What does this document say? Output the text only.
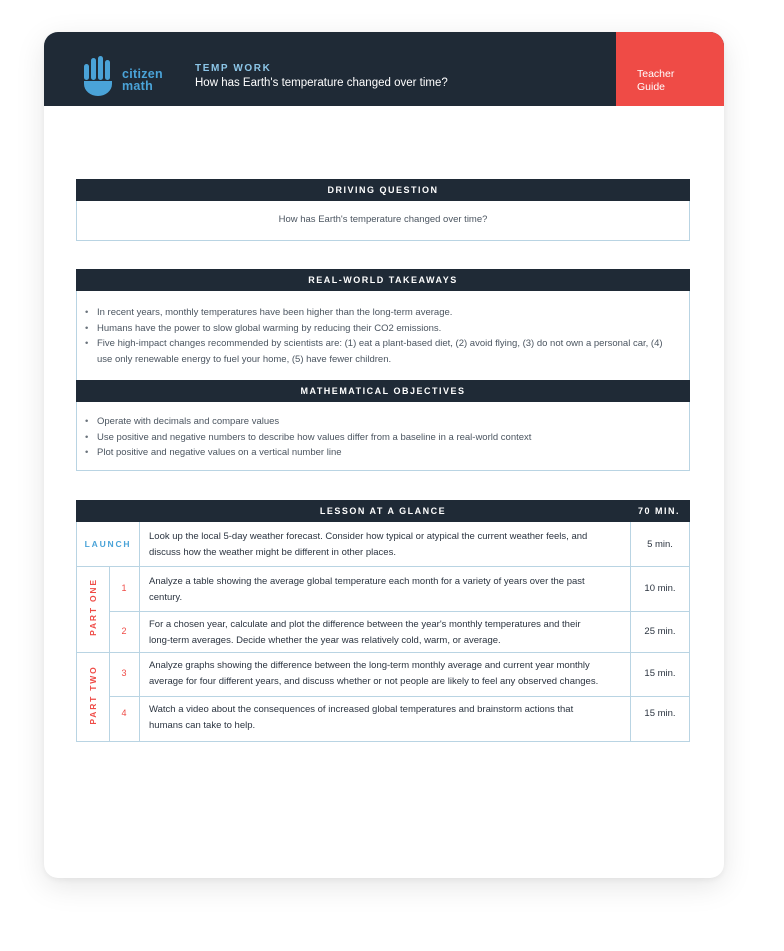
citizen
math
TEMP WORK
How has Earth's temperature changed over time?
Teacher
Guide
DRIVING QUESTION
How has Earth's temperature changed over time?
REAL-WORLD TAKEAWAYS
• In recent years, monthly temperatures have been higher than the long-term average.
• Humans have the power to slow global warming by reducing their CO2 emissions.
• Five high-impact changes recommended by scientists are: (1) eat a plant-based diet, (2) avoid flying, (3) do not own a personal car, (4) use only renewable energy to fuel your home, (5) have fewer children.
MATHEMATICAL OBJECTIVES
• Operate with decimals and compare values
• Use positive and negative numbers to describe how values differ from a baseline in a real-world context
• Plot positive and negative values on a vertical number line
LESSON AT A GLANCE	70 MIN.
LAUNCH
Look up the local 5-day weather forecast. Consider how typical or atypical the current weather feels, and discuss how the weather might be different in other places.
5 min.
PART ONE
PART TWO
1
Analyze a table showing the average global temperature each month for a variety of years over the past century.
10 min.
2
For a chosen year, calculate and plot the difference between the year's monthly temperatures and their long-term averages. Decide whether the year was relatively cold, warm, or average.
25 min.
3
Analyze graphs showing the difference between the long-term monthly average and current year monthly average for four different years, and discuss whether or not people are likely to feel any observed changes.
15 min.
4	Watch a video about the consequences of increased global temperatures and brainstorm actions that humans can take to help.
15 min.
